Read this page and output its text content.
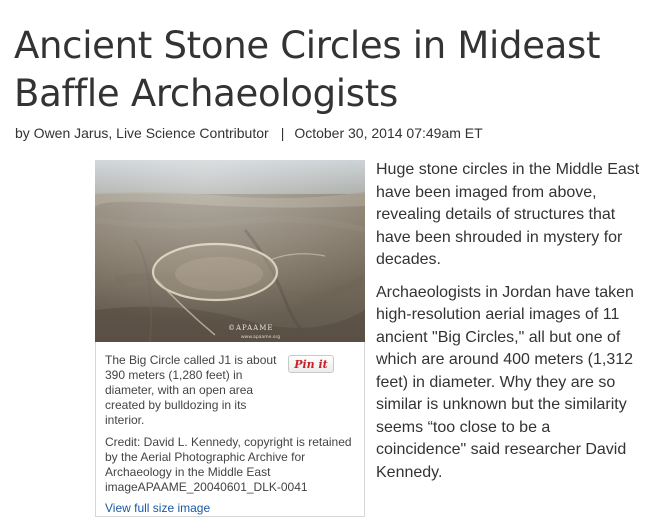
Ancient Stone Circles in Mideast
Baffle Archaeologists
by Owen Jarus, Live Science Contributor | October 30, 2014 07:49am ET
©APAAME
www.apaame.org
Pin it

The Big Circle called J1 is about 390 meters (1,280 feet) in diameter, with an open area created by bulldozing in its interior.

Credit: David L. Kennedy, copyright is retained by the Aerial Photographic Archive for Archaeology in the Middle East imageAPAAME_20040601_DLK-0041

View full size image

Huge stone circles in the Middle East have been imaged from above, revealing details of structures that have been shrouded in mystery for decades.

Archaeologists in Jordan have taken high-resolution aerial images of 11 ancient "Big Circles," all but one of which are around 400 meters (1,312 feet) in diameter. Why they are so similar is unknown but the similarity seems “too close to be a coincidence" said researcher David Kennedy.
